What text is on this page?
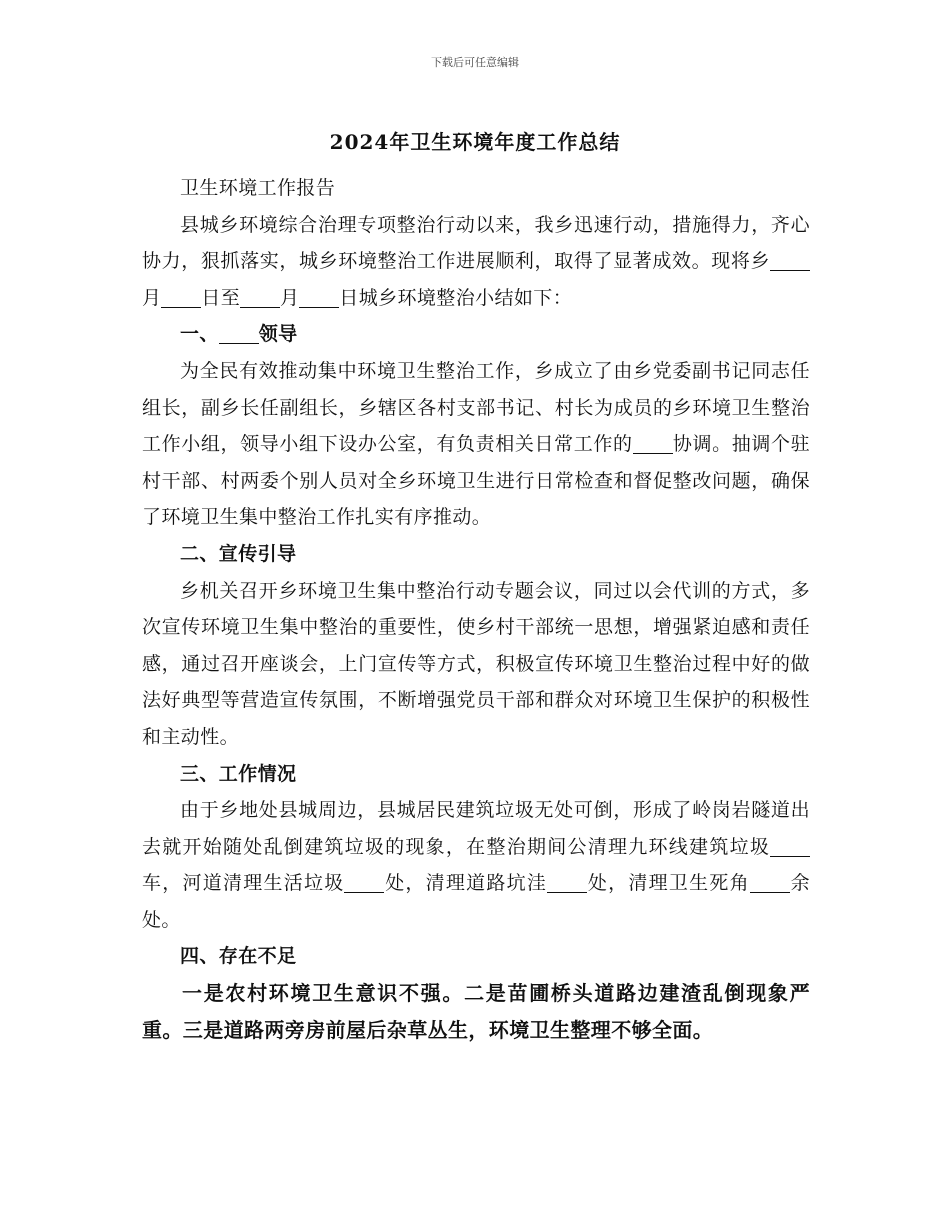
下载后可任意编辑
2024年卫生环境年度工作总结

卫生环境工作报告

县城乡环境综合治理专项整治行动以来，我乡迅速行动，措施得力，齐心协力，狠抓落实，城乡环境整治工作进展顺利，取得了显著成效。现将乡月 日至 月 日城乡环境整治小结如下：

一、 领导

为全民有效推动集中环境卫生整治工作，乡成立了由乡党委副书记同志任组长，副乡长任副组长，乡辖区各村支部书记、村长为成员的乡环境卫生整治工作小组，领导小组下设办公室，有负责相关日常工作的 协调。抽调个驻村干部、村两委个别人员对全乡环境卫生进行日常检查和督促整改问题，确保了环境卫生集中整治工作扎实有序推动。

二、宣传引导

乡机关召开乡环境卫生集中整治行动专题会议，同过以会代训的方式，多次宣传环境卫生集中整治的重要性，使乡村干部统一思想，增强紧迫感和责任感，通过召开座谈会，上门宣传等方式，积极宣传环境卫生整治过程中好的做法好典型等营造宣传氛围，不断增强党员干部和群众对环境卫生保护的积极性和主动性。

三、工作情况

由于乡地处县城周边，县城居民建筑垃圾无处可倒，形成了岭岗岩隧道出去就开始随处乱倒建筑垃圾的现象，在整治期间公清理九环线建筑垃圾车，河道清理生活垃圾 处，清理道路坑洼 处，清理卫生死角 余处。

四、存在不足

一是农村环境卫生意识不强。二是苗圃桥头道路边建渣乱倒现象严重。三是道路两旁房前屋后杂草丛生，环境卫生整理不够全面。
